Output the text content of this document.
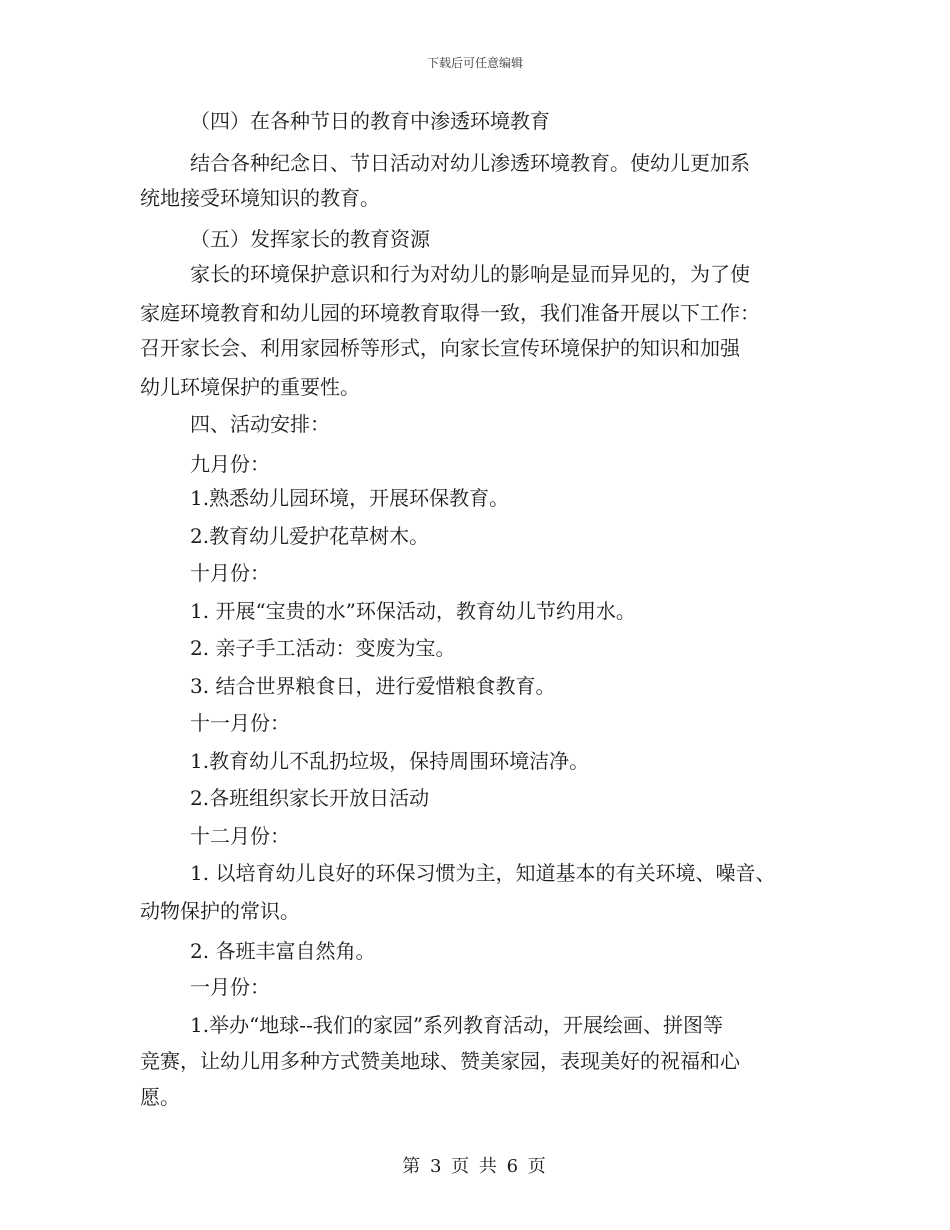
下载后可任意编辑

（四）在各种节日的教育中渗透环境教育

结合各种纪念日、节日活动对幼儿渗透环境教育。使幼儿更加系

统地接受环境知识的教育。

（五）发挥家长的教育资源

家长的环境保护意识和行为对幼儿的影响是显而异见的，为了使

家庭环境教育和幼儿园的环境教育取得一致，我们准备开展以下工作：

召开家长会、利用家园桥等形式，向家长宣传环境保护的知识和加强

幼儿环境保护的重要性。

四、活动安排：

九月份：

1.熟悉幼儿园环境，开展环保教育。

2.教育幼儿爱护花草树木。

十月份：

1. 开展“宝贵的水”环保活动，教育幼儿节约用水。

2. 亲子手工活动：变废为宝。

3. 结合世界粮食日，进行爱惜粮食教育。

十一月份：

1.教育幼儿不乱扔垃圾，保持周围环境洁净。

2.各班组织家长开放日活动

十二月份：

1. 以培育幼儿良好的环保习惯为主，知道基本的有关环境、噪音、

动物保护的常识。

2. 各班丰富自然角。

一月份：

1.举办“地球--我们的家园”系列教育活动，开展绘画、拼图等

竞赛，让幼儿用多种方式赞美地球、赞美家园，表现美好的祝福和心

愿。

第 3 页 共 6 页
